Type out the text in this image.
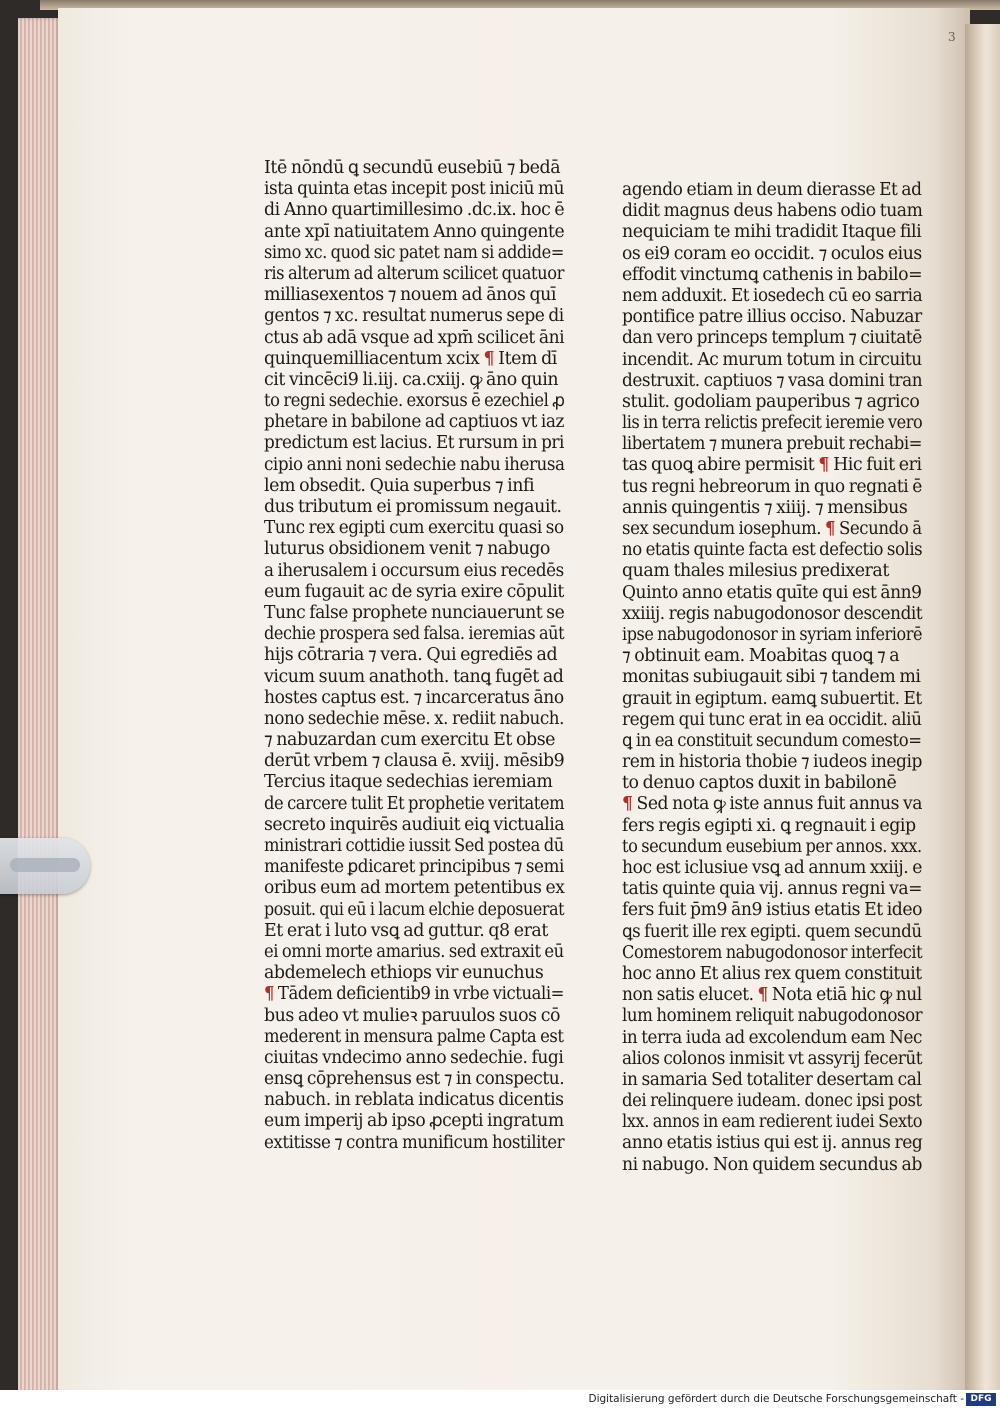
3
Itē nōndū ꝗ secundū eusebiū ⁊ bedā
ista quinta etas incepit post iniciū mū
di Anno quartimillesimo .dc.ix. hoc ē
ante xpī natiuitatem Anno quingente
simo xc. quod sic patet nam si addide=
ris alterum ad alterum scilicet quatuor
milliasexentos ⁊ nouem ad ānos quī
gentos ⁊ xc. resultat numerus sepe di
ctus ab adā vsque ad xpm̄ scilicet āni
quinquemilliacentum xcix ¶ Item dī
cit vincēci9 li.iij. ca.cxiij. ꝙ āno quin
to regni sedechie. exorsus ē ezechiel ꝓ
phetare in babilone ad captiuos vt iaz
predictum est lacius. Et rursum in pri
cipio anni noni sedechie nabu iherusa
lem obsedit. Quia superbus ⁊ infi
dus tributum ei promissum negauit.
Tunc rex egipti cum exercitu quasi so
luturus obsidionem venit ⁊ nabugo
a iherusalem i occursum eius recedēs
eum fugauit ac de syria exire cōpulit
Tunc false prophete nunciauerunt se
dechie prospera sed falsa. ieremias aūt
hijs cōtraria ⁊ vera. Qui egrediēs ad
vicum suum anathoth. tanꝗ fugēt ad
hostes captus est. ⁊ incarceratus āno
nono sedechie mēse. x. rediit nabuch.
⁊ nabuzardan cum exercitu Et obse
derūt vrbem ⁊ clausa ē. xviij. mēsib9
Tercius itaque sedechias ieremiam
de carcere tulit Et prophetie veritatem
secreto inquirēs audiuit eiꝗ victualia
ministrari cottidie iussit Sed postea dū
manifeste ꝑdicaret principibus ⁊ semi
oribus eum ad mortem petentibus ex
posuit. qui eū i lacum elchie deposuerat
Et erat i luto vsꝗ ad guttur. q8 erat
ei omni morte amarius. sed extraxit eū
abdemelech ethiops vir eunuchus
¶ Tādem deficientib9 in vrbe victuali=
bus adeo vt mulieꝛ paruulos suos cō
mederent in mensura palme Capta est
ciuitas vndecimo anno sedechie. fugi
ensꝗ cōprehensus est ⁊ in conspectu.
nabuch. in reblata indicatus dicentis
eum imperij ab ipso ꝓcepti ingratum
extitisse ⁊ contra munificum hostiliter
agendo etiam in deum dierasse Et ad
didit magnus deus habens odio tuam
nequiciam te mihi tradidit Itaque fili
os ei9 coram eo occidit. ⁊ oculos eius
effodit vinctumꝗ cathenis in babilo=
nem adduxit. Et iosedech cū eo sarria
pontifice patre illius occiso. Nabuzar
dan vero princeps templum ⁊ ciuitatē
incendit. Ac murum totum in circuitu
destruxit. captiuos ⁊ vasa domini tran
stulit. godoliam pauperibus ⁊ agrico
lis in terra relictis prefecit ieremie vero
libertatem ⁊ munera prebuit rechabi=
tas quoꝗ abire permisit ¶ Hic fuit eri
tus regni hebreorum in quo regnati ē
annis quingentis ⁊ xiiij. ⁊ mensibus
sex secundum iosephum. ¶ Secundo ā
no etatis quinte facta est defectio solis
quam thales milesius predixerat
Quinto anno etatis quīte qui est ānn9
xxiiij. regis nabugodonosor descendit
ipse nabugodonosor in syriam inferiorē
⁊ obtinuit eam. Moabitas quoꝗ ⁊ a
monitas subiugauit sibi ⁊ tandem mi
grauit in egiptum. eamꝗ subuertit. Et
regem qui tunc erat in ea occidit. aliū
ꝗ in ea constituit secundum comesto=
rem in historia thobie ⁊ iudeos inegip
to denuo captos duxit in babilonē
¶ Sed nota ꝙ iste annus fuit annus va
fers regis egipti xi. ꝗ regnauit i egip
to secundum eusebium per annos. xxx.
hoc est iclusiue vsꝗ ad annum xxiij. e
tatis quinte quia vij. annus regni va=
fers fuit p̄m9 ān9 istius etatis Et ideo
ꝗs fuerit ille rex egipti. quem secundū
Comestorem nabugodonosor interfecit
hoc anno Et alius rex quem constituit
non satis elucet. ¶ Nota etiā hic ꝙ nul
lum hominem reliquit nabugodonosor
in terra iuda ad excolendum eam Nec
alios colonos inmisit vt assyrij fecerūt
in samaria Sed totaliter desertam cal
dei relinquere iudeam. donec ipsi post
lxx. annos in eam redierent iudei Sexto
anno etatis istius qui est ij. annus reg
ni nabugo. Non quidem secundus ab
Digitalisierung gefördert durch die Deutsche Forschungsgemeinschaft - DFG
